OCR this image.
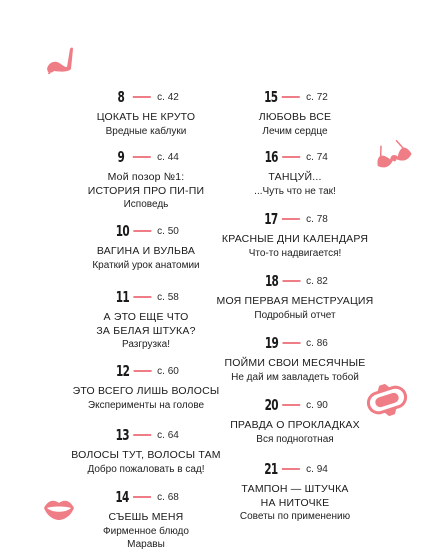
8	с. 42
ЦОКАТЬ НЕ КРУТО
Вредные каблуки
9	с. 44
Мой позор №1:
ИСТОРИЯ ПРО ПИ-ПИ
Исповедь
10	с. 50
ВАГИНА И ВУЛЬВА
Краткий урок анатомии
11	с. 58
А ЭТО ЕЩЕ ЧТО
ЗА БЕЛАЯ ШТУКА?
Разгрузка!
12	с. 60
ЭТО ВСЕГО ЛИШЬ ВОЛОСЫ
Эксперименты на голове
13	с. 64
ВОЛОСЫ ТУТ, ВОЛОСЫ ТАМ
Добро пожаловать в сад!
14	с. 68
СЪЕШЬ МЕНЯ
Фирменное блюдо
Маравы
15	с. 72
ЛЮБОВЬ ВСЕ
Лечим сердце
16	с. 74
ТАНЦУЙ...
...Чуть что не так!
17	с. 78
КРАСНЫЕ ДНИ КАЛЕНДАРЯ
Что-то надвигается!
18	с. 82
МОЯ ПЕРВАЯ МЕНСТРУАЦИЯ
Подробный отчет
19	с. 86
ПОЙМИ СВОИ МЕСЯЧНЫЕ
Не дай им завладеть тобой
20	с. 90
ПРАВДА О ПРОКЛАДКАХ
Вся подноготная
21	с. 94
ТАМПОН — ШТУЧКА
НА НИТОЧКЕ
Советы по применению
